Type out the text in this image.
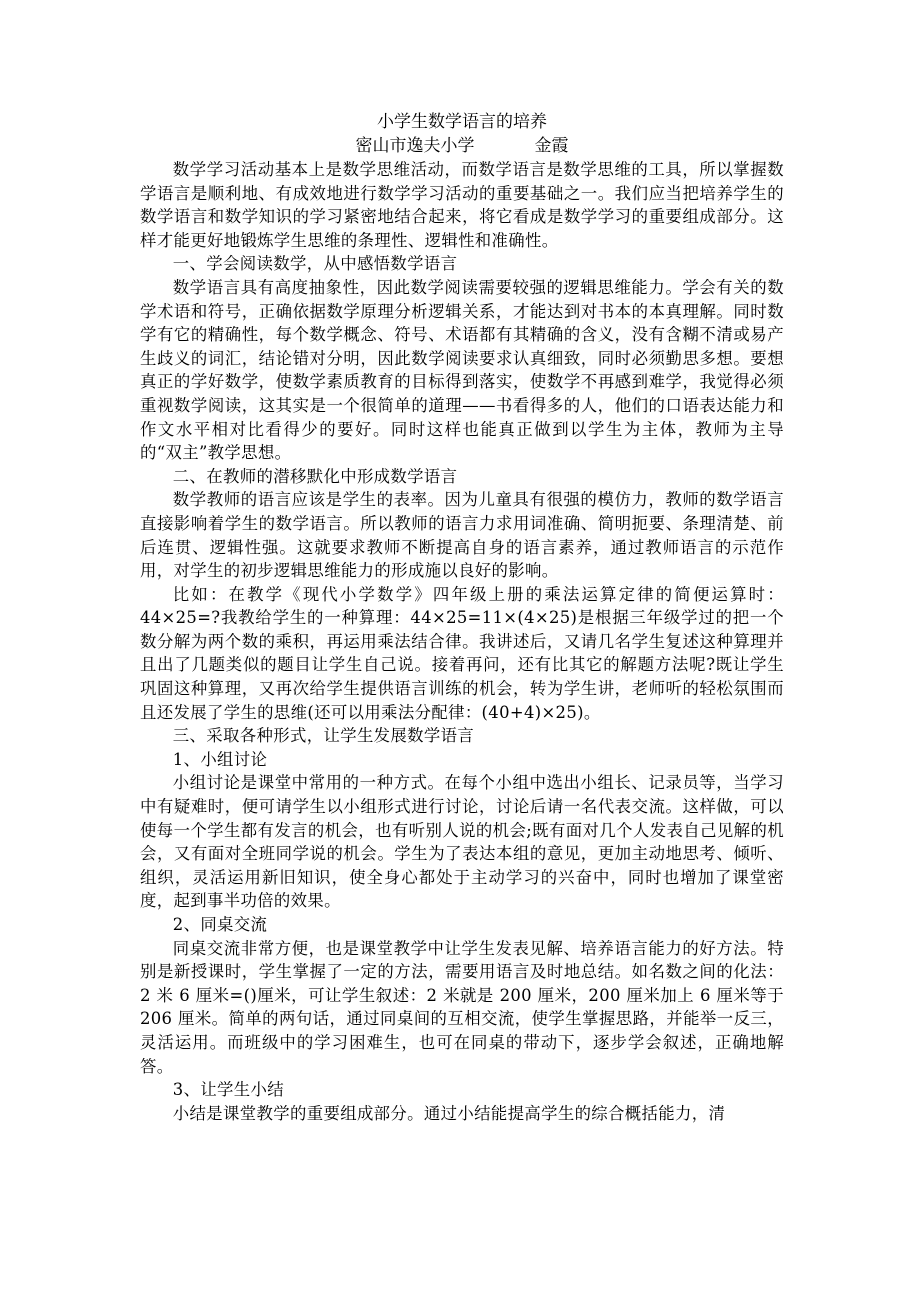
小学生数学语言的培养
密山市逸夫小学	金霞

数学学习活动基本上是数学思维活动，而数学语言是数学思维的工具，所以掌握数学语言是顺利地、有成效地进行数学学习活动的重要基础之一。我们应当把培养学生的数学语言和数学知识的学习紧密地结合起来，将它看成是数学学习的重要组成部分。这样才能更好地锻炼学生思维的条理性、逻辑性和准确性。

一、学会阅读数学，从中感悟数学语言

数学语言具有高度抽象性，因此数学阅读需要较强的逻辑思维能力。学会有关的数学术语和符号，正确依据数学原理分析逻辑关系，才能达到对书本的本真理解。同时数学有它的精确性，每个数学概念、符号、术语都有其精确的含义，没有含糊不清或易产生歧义的词汇，结论错对分明，因此数学阅读要求认真细致，同时必须勤思多想。要想真正的学好数学，使数学素质教育的目标得到落实，使数学不再感到难学，我觉得必须重视数学阅读，这其实是一个很简单的道理——书看得多的人，他们的口语表达能力和作文水平相对比看得少的要好。同时这样也能真正做到以学生为主体，教师为主导的“双主”教学思想。

二、在教师的潜移默化中形成数学语言

数学教师的语言应该是学生的表率。因为儿童具有很强的模仿力，教师的数学语言直接影响着学生的数学语言。所以教师的语言力求用词准确、简明扼要、条理清楚、前后连贯、逻辑性强。这就要求教师不断提高自身的语言素养，通过教师语言的示范作用，对学生的初步逻辑思维能力的形成施以良好的影响。

比如：在教学《现代小学数学》四年级上册的乘法运算定律的简便运算时：44×25=?我教给学生的一种算理：44×25=11×(4×25)是根据三年级学过的把一个数分解为两个数的乘积，再运用乘法结合律。我讲述后，又请几名学生复述这种算理并且出了几题类似的题目让学生自己说。接着再问，还有比其它的解题方法呢?既让学生巩固这种算理，又再次给学生提供语言训练的机会，转为学生讲，老师听的轻松氛围而且还发展了学生的思维(还可以用乘法分配律：(40+4)×25)。

三、采取各种形式，让学生发展数学语言

1、小组讨论

小组讨论是课堂中常用的一种方式。在每个小组中选出小组长、记录员等，当学习中有疑难时，便可请学生以小组形式进行讨论，讨论后请一名代表交流。这样做，可以使每一个学生都有发言的机会，也有听别人说的机会;既有面对几个人发表自己见解的机会，又有面对全班同学说的机会。学生为了表达本组的意见，更加主动地思考、倾听、组织，灵活运用新旧知识，使全身心都处于主动学习的兴奋中，同时也增加了课堂密度，起到事半功倍的效果。

2、同桌交流

同桌交流非常方便，也是课堂教学中让学生发表见解、培养语言能力的好方法。特别是新授课时，学生掌握了一定的方法，需要用语言及时地总结。如名数之间的化法：2 米 6 厘米=()厘米，可让学生叙述：2 米就是 200 厘米，200 厘米加上 6 厘米等于 206 厘米。简单的两句话，通过同桌间的互相交流，使学生掌握思路，并能举一反三，灵活运用。而班级中的学习困难生，也可在同桌的带动下，逐步学会叙述，正确地解答。

3、让学生小结

小结是课堂教学的重要组成部分。通过小结能提高学生的综合概括能力，清
